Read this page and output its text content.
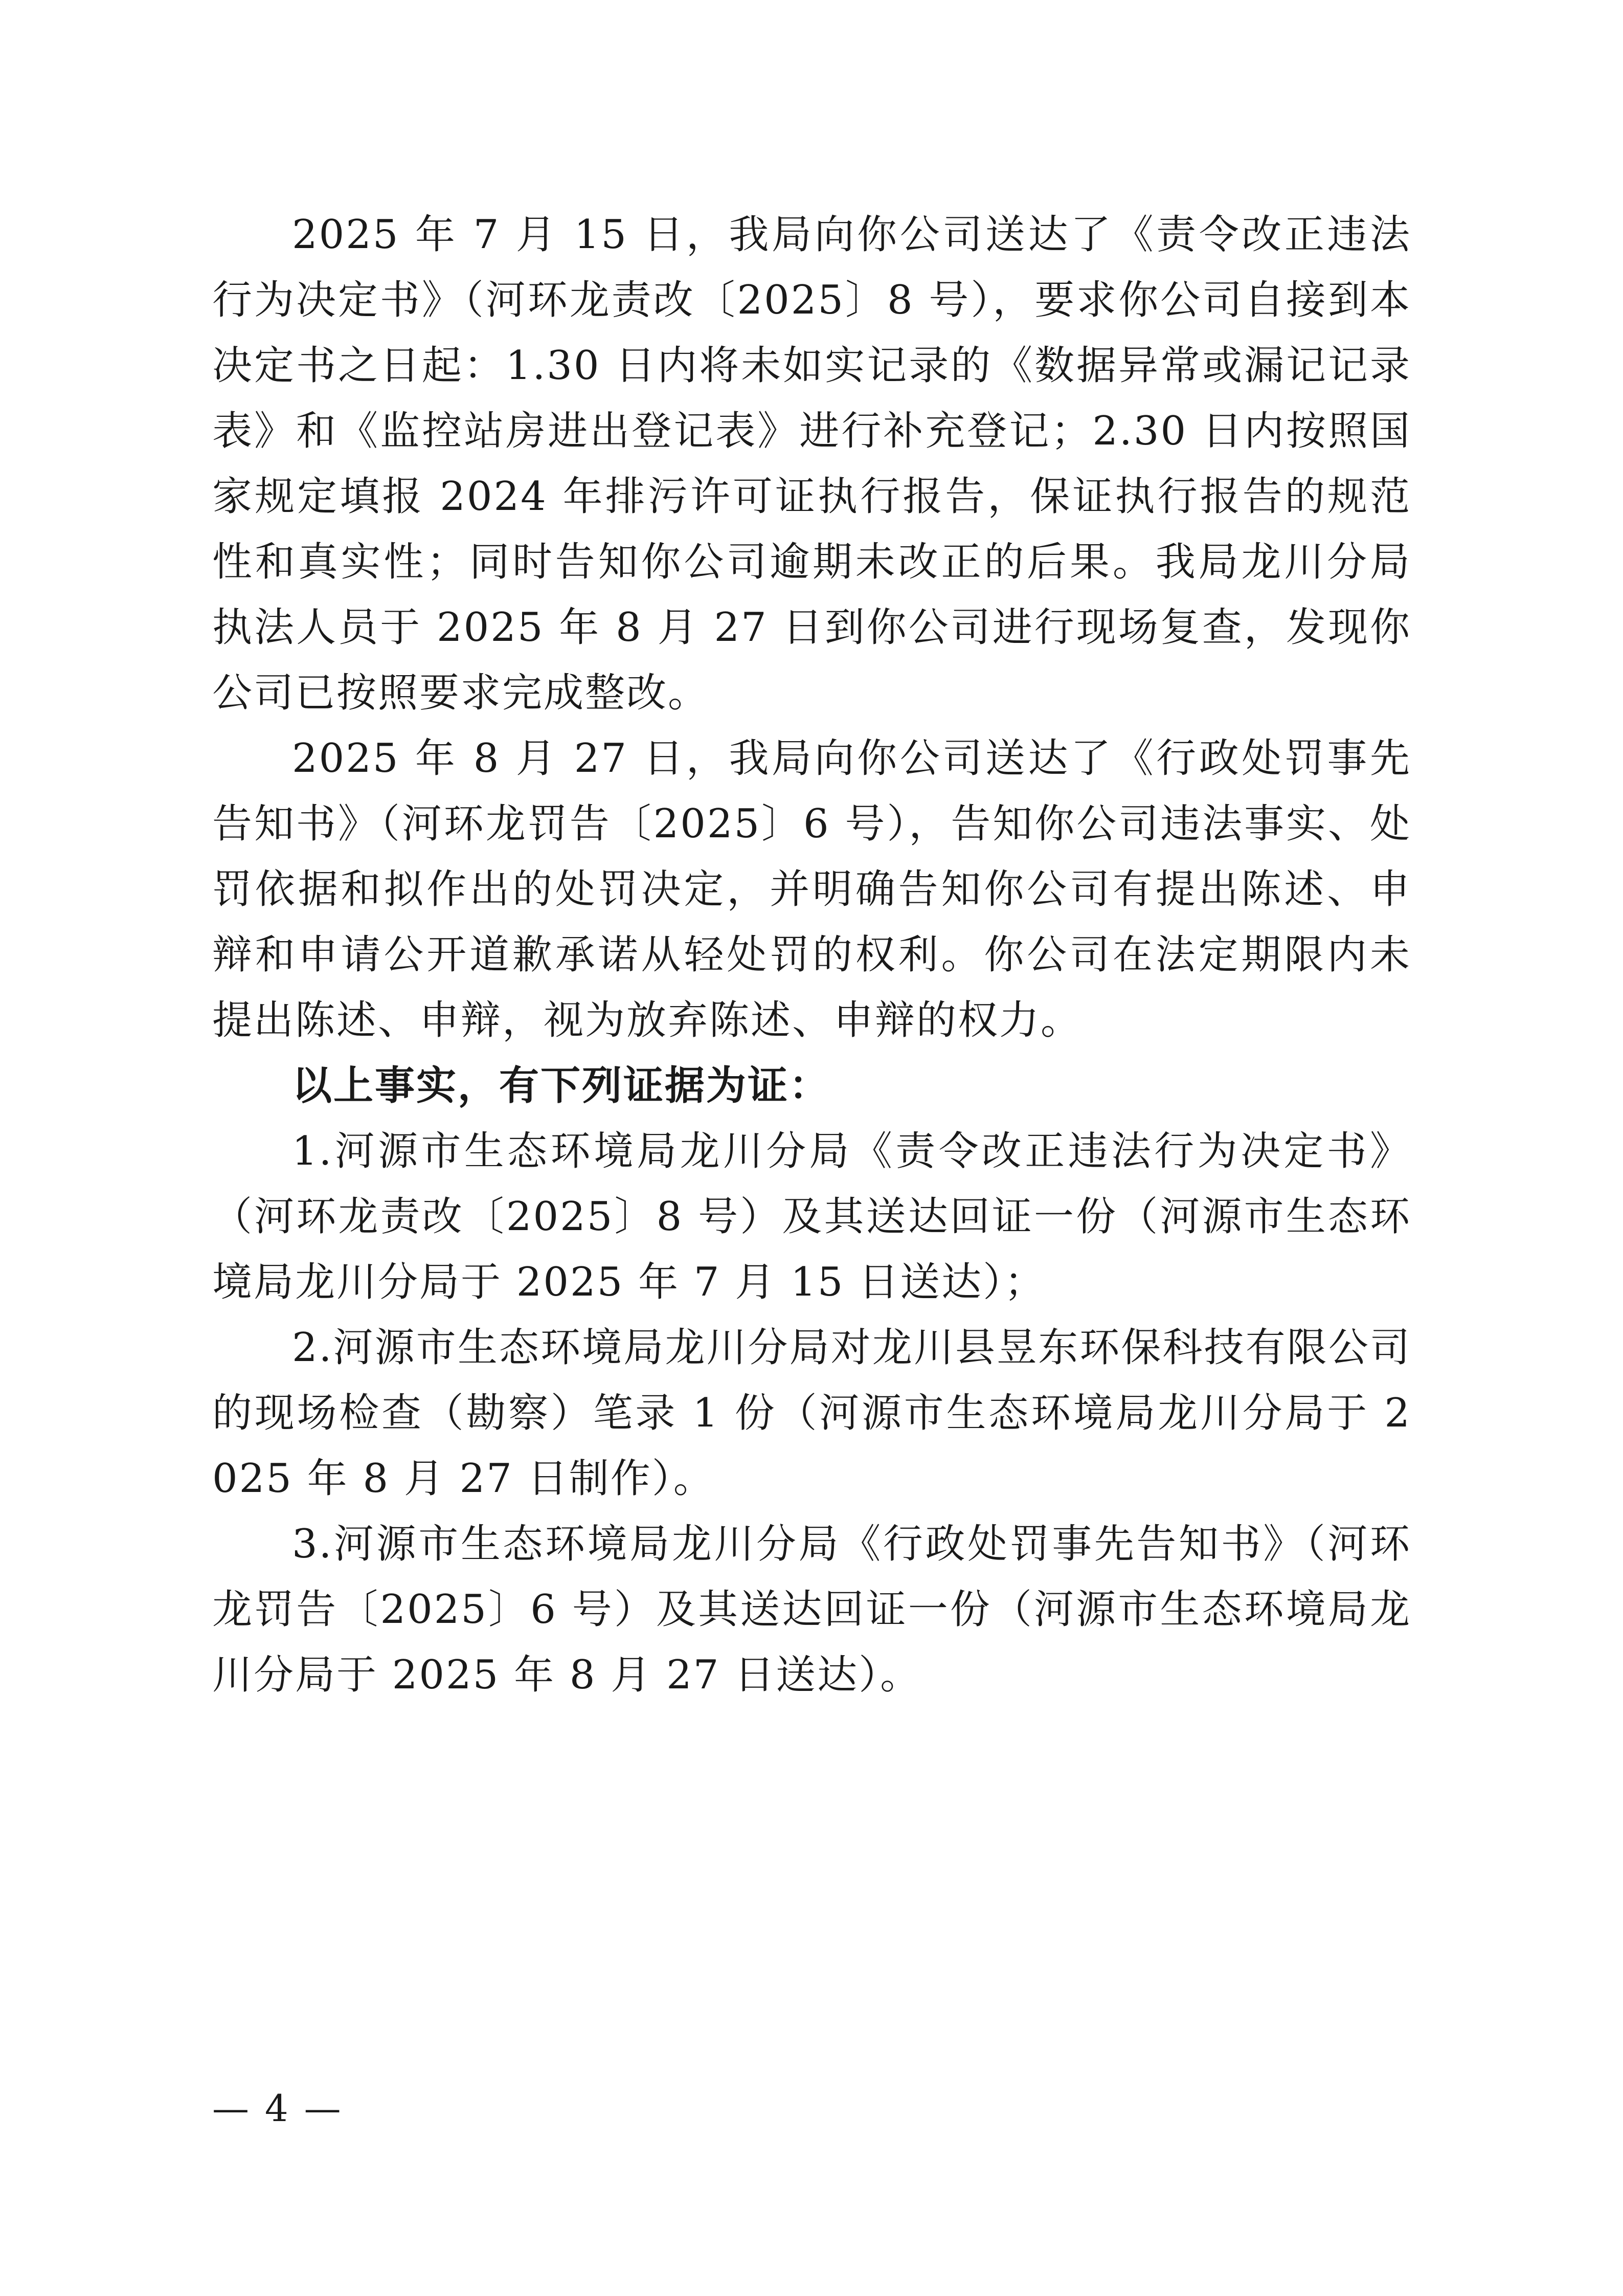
2025 年 7 月 15 日，我局向你公司送达了《责令改正违法行为决定书》（河环龙责改〔2025〕8 号），要求你公司自接到本决定书之日起：1.30 日内将未如实记录的《数据异常或漏记记录表》和《监控站房进出登记表》进行补充登记；2.30 日内按照国家规定填报 2024 年排污许可证执行报告，保证执行报告的规范性和真实性；同时告知你公司逾期未改正的后果。我局龙川分局执法人员于 2025 年 8 月 27 日到你公司进行现场复查，发现你公司已按照要求完成整改。

2025 年 8 月 27 日，我局向你公司送达了《行政处罚事先告知书》（河环龙罚告〔2025〕6 号），告知你公司违法事实、处罚依据和拟作出的处罚决定，并明确告知你公司有提出陈述、申辩和申请公开道歉承诺从轻处罚的权利。你公司在法定期限内未提出陈述、申辩，视为放弃陈述、申辩的权力。

以上事实，有下列证据为证：

1.河源市生态环境局龙川分局《责令改正违法行为决定书》（河环龙责改〔2025〕8 号）及其送达回证一份（河源市生态环境局龙川分局于 2025 年 7 月 15 日送达）；

2.河源市生态环境局龙川分局对龙川县昱东环保科技有限公司的现场检查（勘察）笔录 1 份（河源市生态环境局龙川分局于 2025 年 8 月 27 日制作）。

3.河源市生态环境局龙川分局《行政处罚事先告知书》（河环龙罚告〔2025〕6 号）及其送达回证一份（河源市生态环境局龙川分局于 2025 年 8 月 27 日送达）。

— 4 —
